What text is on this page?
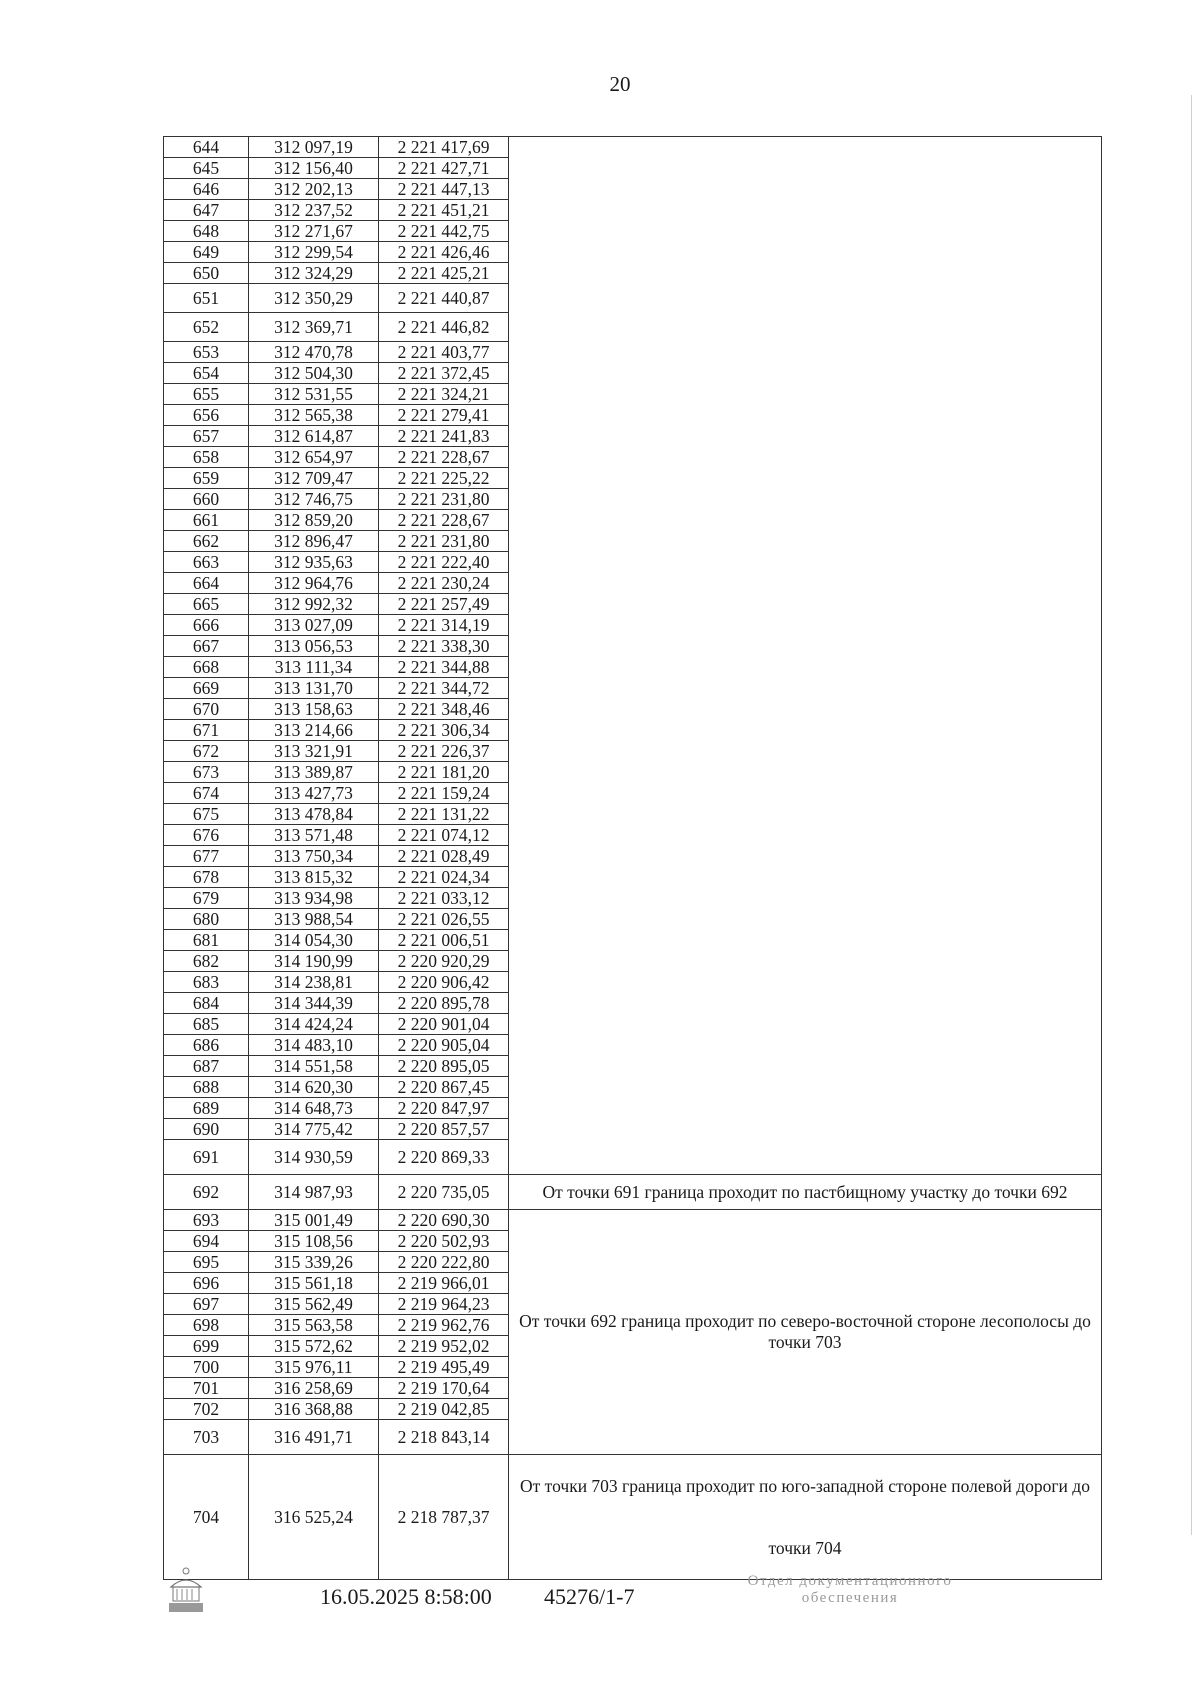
20
644	312 097,19	2 221 417,69	
645	312 156,40	2 221 427,71	
646	312 202,13	2 221 447,13	
647	312 237,52	2 221 451,21	
648	312 271,67	2 221 442,75	
649	312 299,54	2 221 426,46	
650	312 324,29	2 221 425,21	
651	312 350,29	2 221 440,87	
652	312 369,71	2 221 446,82	
653	312 470,78	2 221 403,77	
654	312 504,30	2 221 372,45	
655	312 531,55	2 221 324,21	
656	312 565,38	2 221 279,41	
657	312 614,87	2 221 241,83	
658	312 654,97	2 221 228,67	
659	312 709,47	2 221 225,22	
660	312 746,75	2 221 231,80	
661	312 859,20	2 221 228,67	
662	312 896,47	2 221 231,80	
663	312 935,63	2 221 222,40	
664	312 964,76	2 221 230,24	
665	312 992,32	2 221 257,49	
666	313 027,09	2 221 314,19	
667	313 056,53	2 221 338,30	
668	313 111,34	2 221 344,88	
669	313 131,70	2 221 344,72	
670	313 158,63	2 221 348,46	
671	313 214,66	2 221 306,34	
672	313 321,91	2 221 226,37	
673	313 389,87	2 221 181,20	
674	313 427,73	2 221 159,24	
675	313 478,84	2 221 131,22	
676	313 571,48	2 221 074,12	
677	313 750,34	2 221 028,49	
678	313 815,32	2 221 024,34	
679	313 934,98	2 221 033,12	
680	313 988,54	2 221 026,55	
681	314 054,30	2 221 006,51	
682	314 190,99	2 220 920,29	
683	314 238,81	2 220 906,42	
684	314 344,39	2 220 895,78	
685	314 424,24	2 220 901,04	
686	314 483,10	2 220 905,04	
687	314 551,58	2 220 895,05	
688	314 620,30	2 220 867,45	
689	314 648,73	2 220 847,97	
690	314 775,42	2 220 857,57	
691	314 930,59	2 220 869,33	
692	314 987,93	2 220 735,05	От точки 691 граница проходит по пастбищному участку до точки 692
693	315 001,49	2 220 690,30	От точки 692 граница проходит по северо-восточной стороне лесополосы до точки 703
694	315 108,56	2 220 502,93	
695	315 339,26	2 220 222,80	
696	315 561,18	2 219 966,01	
697	315 562,49	2 219 964,23	
698	315 563,58	2 219 962,76	
699	315 572,62	2 219 952,02	
700	315 976,11	2 219 495,49	
701	316 258,69	2 219 170,64	
702	316 368,88	2 219 042,85	
703	316 491,71	2 218 843,14	
704	316 525,24	2 218 787,37	От точки 703 граница проходит по юго-западной стороне полевой дороги до точки 704
16.05.2025 8:58:00 45276/1-7
Отдел документационного обеспечения
